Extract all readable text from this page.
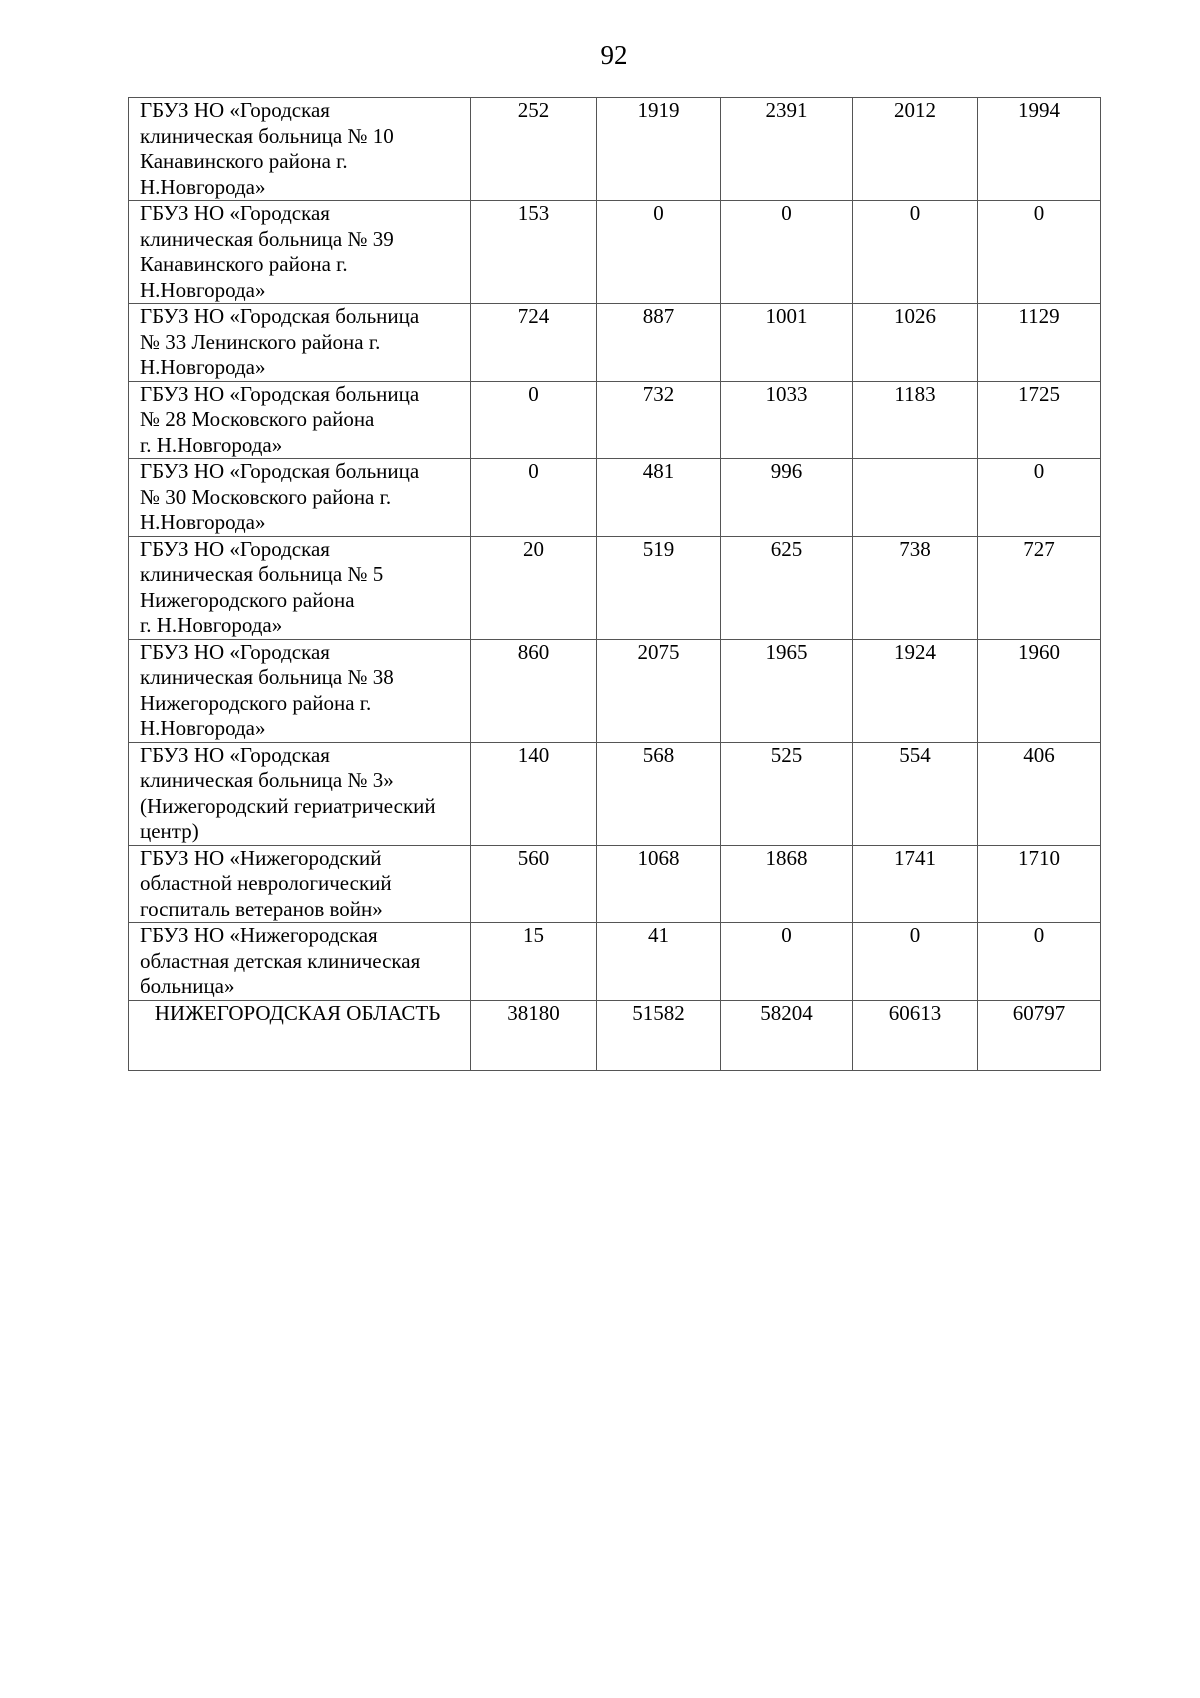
92
ГБУЗ НО «Городская
клиническая больница № 10
Канавинского района г.
Н.Новгорода»	252	1919	2391	2012	1994

ГБУЗ НО «Городская
клиническая больница № 39
Канавинского района г.
Н.Новгорода»	153	0	0	0	0

ГБУЗ НО «Городская больница
№ 33 Ленинского района г.
Н.Новгорода»	724	887	1001	1026	1129

ГБУЗ НО «Городская больница
№ 28 Московского района
г. Н.Новгорода»	0	732	1033	1183	1725

ГБУЗ НО «Городская больница
№ 30 Московского района г.
Н.Новгорода»	0	481	996		0

ГБУЗ НО «Городская
клиническая больница № 5
Нижегородского района
г. Н.Новгорода»	20	519	625	738	727

ГБУЗ НО «Городская
клиническая больница № 38
Нижегородского района г.
Н.Новгорода»	860	2075	1965	1924	1960

ГБУЗ НО «Городская
клиническая больница № 3»
(Нижегородский гериатрический
центр)	140	568	525	554	406

ГБУЗ НО «Нижегородский
областной неврологический
госпиталь ветеранов войн»	560	1068	1868	1741	1710

ГБУЗ НО «Нижегородская
областная детская клиническая
больница»	15	41	0	0	0
НИЖЕГОРОДСКАЯ ОБЛАСТЬ	38180	51582	58204	60613	60797
